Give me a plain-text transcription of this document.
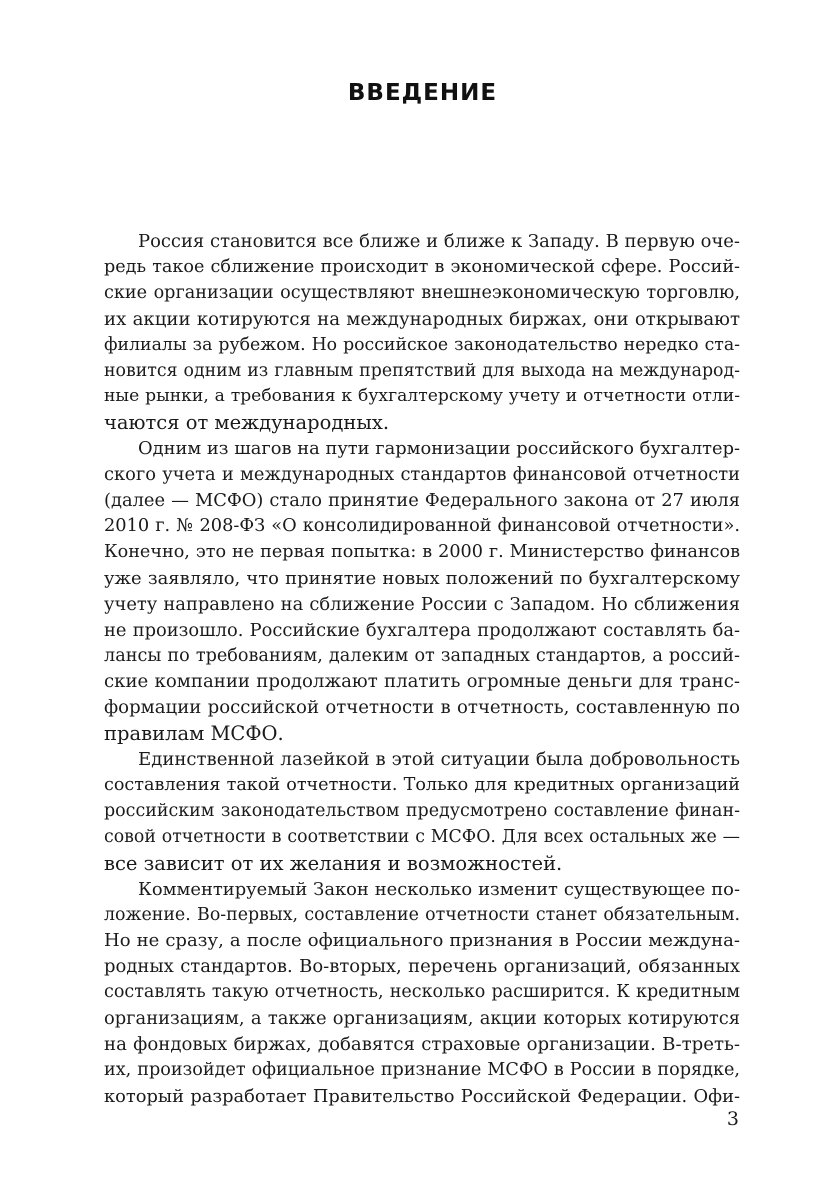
ВВЕДЕНИЕ
Россия становится все ближе и ближе к Западу. В первую оче-
редь такое сближение происходит в экономической сфере. Россий-
ские организации осуществляют внешнеэкономическую торговлю,
их акции котируются на международных биржах, они открывают
филиалы за рубежом. Но российское законодательство нередко ста-
новится одним из главным препятствий для выхода на международ-
ные рынки, а требования к бухгалтерскому учету и отчетности отли-
чаются от международных.
Одним из шагов на пути гармонизации российского бухгалтер-
ского учета и международных стандартов финансовой отчетности
(далее — МСФО) стало принятие Федерального закона от 27 июля
2010 г. № 208-ФЗ «О консолидированной финансовой отчетности».
Конечно, это не первая попытка: в 2000 г. Министерство финансов
уже заявляло, что принятие новых положений по бухгалтерскому
учету направлено на сближение России с Западом. Но сближения
не произошло. Российские бухгалтера продолжают составлять ба-
лансы по требованиям, далеким от западных стандартов, а россий-
ские компании продолжают платить огромные деньги для транс-
формации российской отчетности в отчетность, составленную по
правилам МСФО.
Единственной лазейкой в этой ситуации была добровольность
составления такой отчетности. Только для кредитных организаций
российским законодательством предусмотрено составление финан-
совой отчетности в соответствии с МСФО. Для всех остальных же —
все зависит от их желания и возможностей.
Комментируемый Закон несколько изменит существующее по-
ложение. Во-первых, составление отчетности станет обязательным.
Но не сразу, а после официального признания в России междуна-
родных стандартов. Во-вторых, перечень организаций, обязанных
составлять такую отчетность, несколько расширится. К кредитным
организациям, а также организациям, акции которых котируются
на фондовых биржах, добавятся страховые организации. В-треть-
их, произойдет официальное признание МСФО в России в порядке,
который разработает Правительство Российской Федерации. Офи-
3
